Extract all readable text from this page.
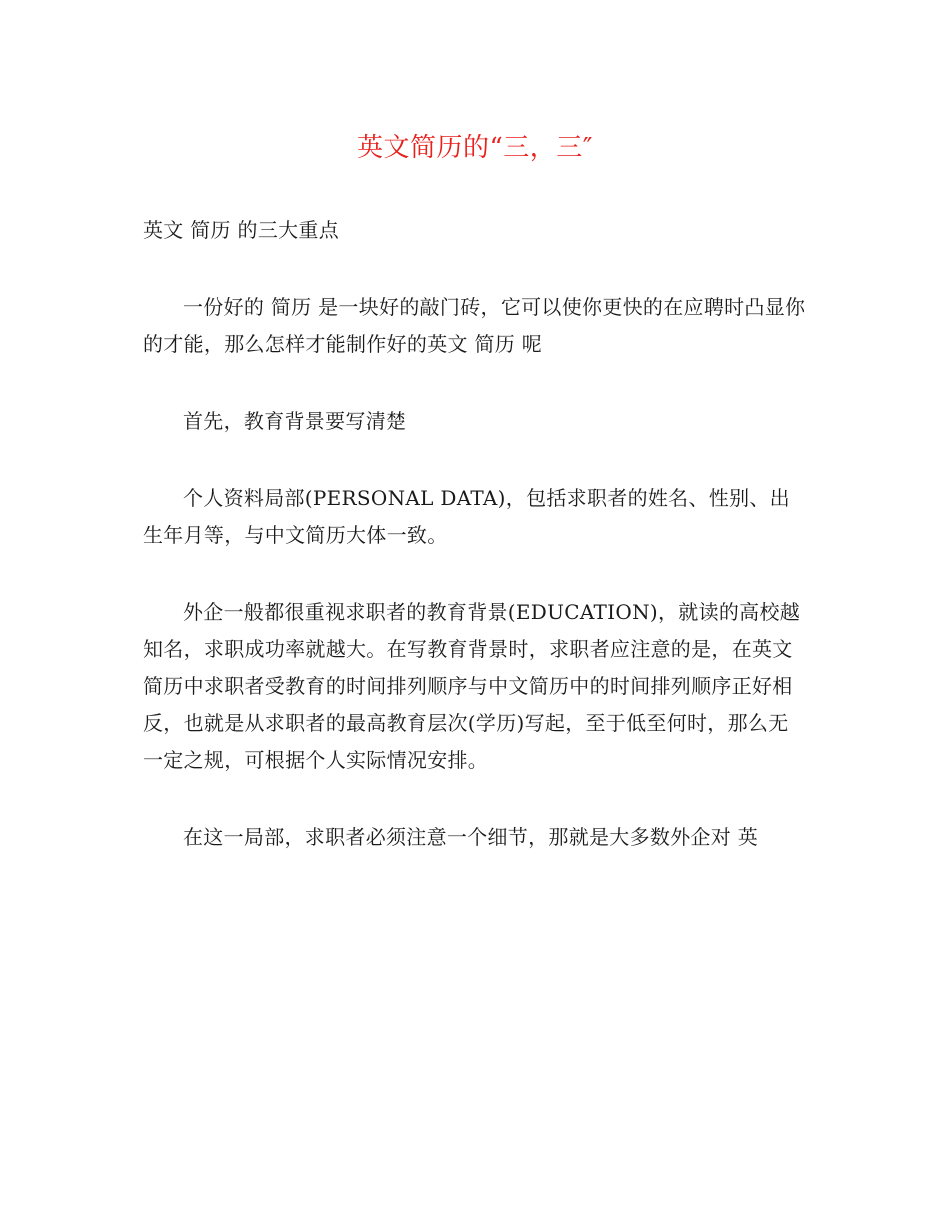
英文简历的“三，三″
英文 简历 的三大重点
一份好的 简历 是一块好的敲门砖，它可以使你更快的在应聘时凸显你的才能，那么怎样才能制作好的英文 简历 呢
首先，教育背景要写清楚
个人资料局部(PERSONAL DATA)，包括求职者的姓名、性别、出生年月等，与中文简历大体一致。
外企一般都很重视求职者的教育背景(EDUCATION)，就读的高校越知名，求职成功率就越大。在写教育背景时，求职者应注意的是，在英文简历中求职者受教育的时间排列顺序与中文简历中的时间排列顺序正好相反，也就是从求职者的最高教育层次(学历)写起，至于低至何时，那么无一定之规，可根据个人实际情况安排。
在这一局部，求职者必须注意一个细节，那就是大多数外企对 英
